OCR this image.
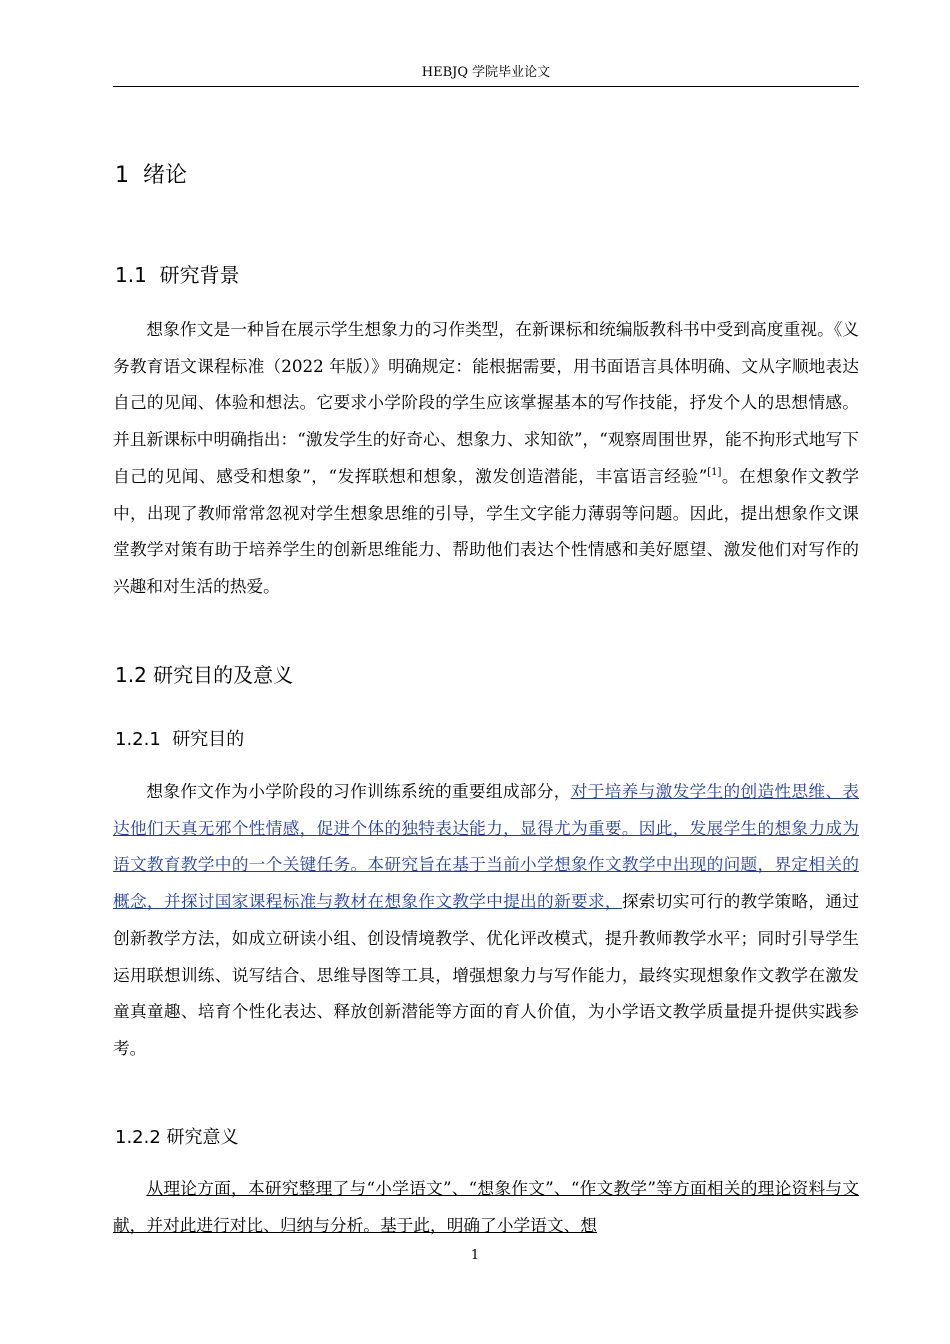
HEBJQ 学院毕业论文
1 绪论
1.1 研究背景
想象作文是一种旨在展示学生想象力的习作类型，在新课标和统编版教科书中受到高度重视。《义务教育语文课程标准（2022 年版）》明确规定：能根据需要，用书面语言具体明确、文从字顺地表达自己的见闻、体验和想法。它要求小学阶段的学生应该掌握基本的写作技能，抒发个人的思想情感。并且新课标中明确指出：“激发学生的好奇心、想象力、求知欲”，“观察周围世界，能不拘形式地写下自己的见闻、感受和想象”，“发挥联想和想象，激发创造潜能，丰富语言经验”[1]。在想象作文教学中，出现了教师常常忽视对学生想象思维的引导，学生文字能力薄弱等问题。因此，提出想象作文课堂教学对策有助于培养学生的创新思维能力、帮助他们表达个性情感和美好愿望、激发他们对写作的兴趣和对生活的热爱。
1.2 研究目的及意义
1.2.1 研究目的
想象作文作为小学阶段的习作训练系统的重要组成部分，对于培养与激发学生的创造性思维、表达他们天真无邪个性情感，促进个体的独特表达能力，显得尤为重要。因此，发展学生的想象力成为语文教育教学中的一个关键任务。本研究旨在基于当前小学想象作文教学中出现的问题，界定相关的概念，并探讨国家课程标准与教材在想象作文教学中提出的新要求，探索切实可行的教学策略，通过创新教学方法，如成立研读小组、创设情境教学、优化评改模式，提升教师教学水平；同时引导学生运用联想训练、说写结合、思维导图等工具，增强想象力与写作能力，最终实现想象作文教学在激发童真童趣、培育个性化表达、释放创新潜能等方面的育人价值，为小学语文教学质量提升提供实践参考。
1.2.2 研究意义
从理论方面，本研究整理了与“小学语文”、“想象作文”、“作文教学”等方面相关的理论资料与文献，并对此进行对比、归纳与分析。基于此，明确了小学语文、想
1
